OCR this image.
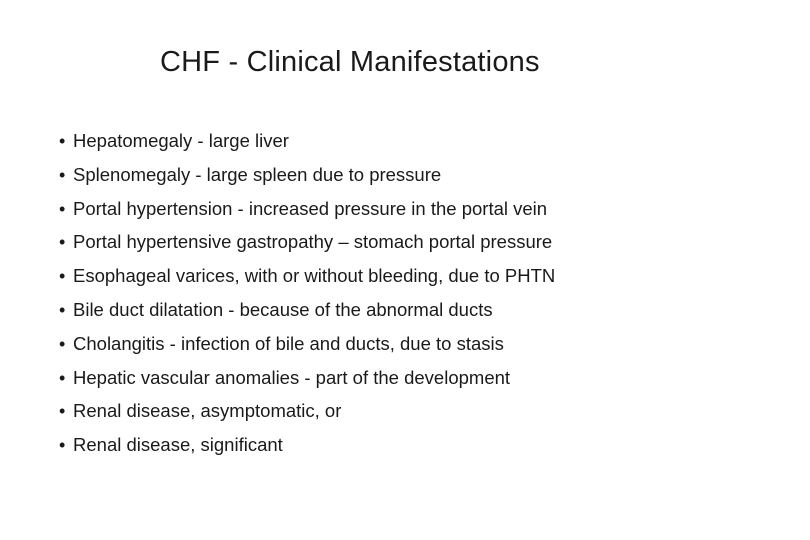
CHF - Clinical Manifestations
• Hepatomegaly - large liver
• Splenomegaly - large spleen due to pressure
• Portal hypertension - increased pressure in the portal vein
• Portal hypertensive gastropathy – stomach portal pressure
• Esophageal varices, with or without bleeding, due to PHTN
• Bile duct dilatation - because of the abnormal ducts
• Cholangitis - infection of bile and ducts, due to stasis
• Hepatic vascular anomalies - part of the development
• Renal disease, asymptomatic, or
• Renal disease, significant
